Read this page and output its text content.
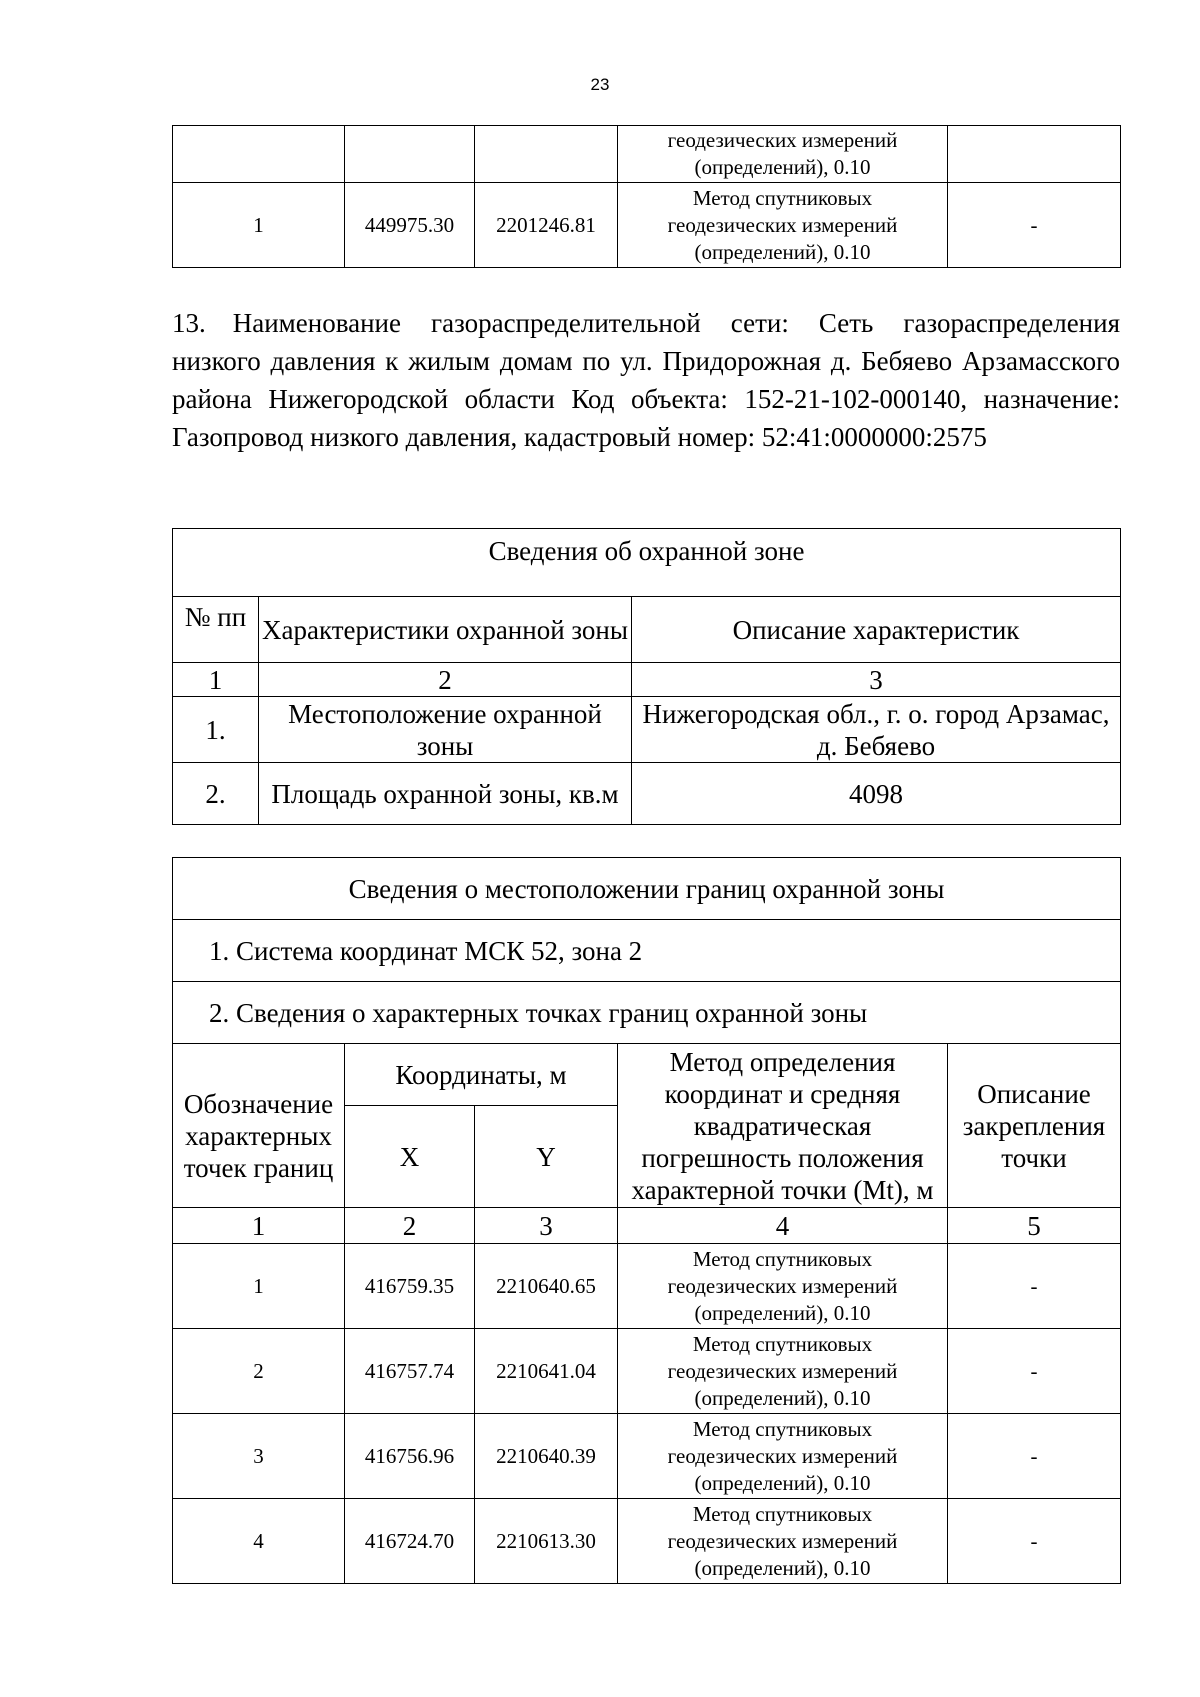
23

			геодезических измерений
(определений), 0.10	

1	449975.30	2201246.81	Метод спутниковых
геодезических измерений
(определений), 0.10	-

13. Наименование газораспределительной сети: Сеть газораспределения низкого давления к жилым домам по ул. Придорожная д. Бебяево Арзамасского района Нижегородской области Код объекта: 152-21-102-000140, назначение: Газопровод низкого давления, кадастровый номер: 52:41:0000000:2575

Сведения об охранной зоне		
№ пп	Характеристики охранной зоны	Описание характеристик
1	2	3
1.	Местоположение охранной зоны	Нижегородская обл., г. о. город Арзамас, д. Бебяево
2.	Площадь охранной зоны, кв.м	4098
Сведения о местоположении границ охранной зоны				
1. Система координат МСК 52, зона 2				
2. Сведения о характерных точках границ охранной зоны				
Обозначение характерных точек границ	Координаты, м		Метод определения координат и средняя квадратическая погрешность положения характерной точки (Mt), м	Описание закрепления точки
	X	Y		
1	2	3	4	5
1	416759.35	2210640.65	Метод спутниковых
геодезических измерений
(определений), 0.10	-
2	416757.74	2210641.04	Метод спутниковых
геодезических измерений
(определений), 0.10	-
3	416756.96	2210640.39	Метод спутниковых
геодезических измерений
(определений), 0.10	-
4	416724.70	2210613.30	Метод спутниковых
геодезических измерений
(определений), 0.10	-
